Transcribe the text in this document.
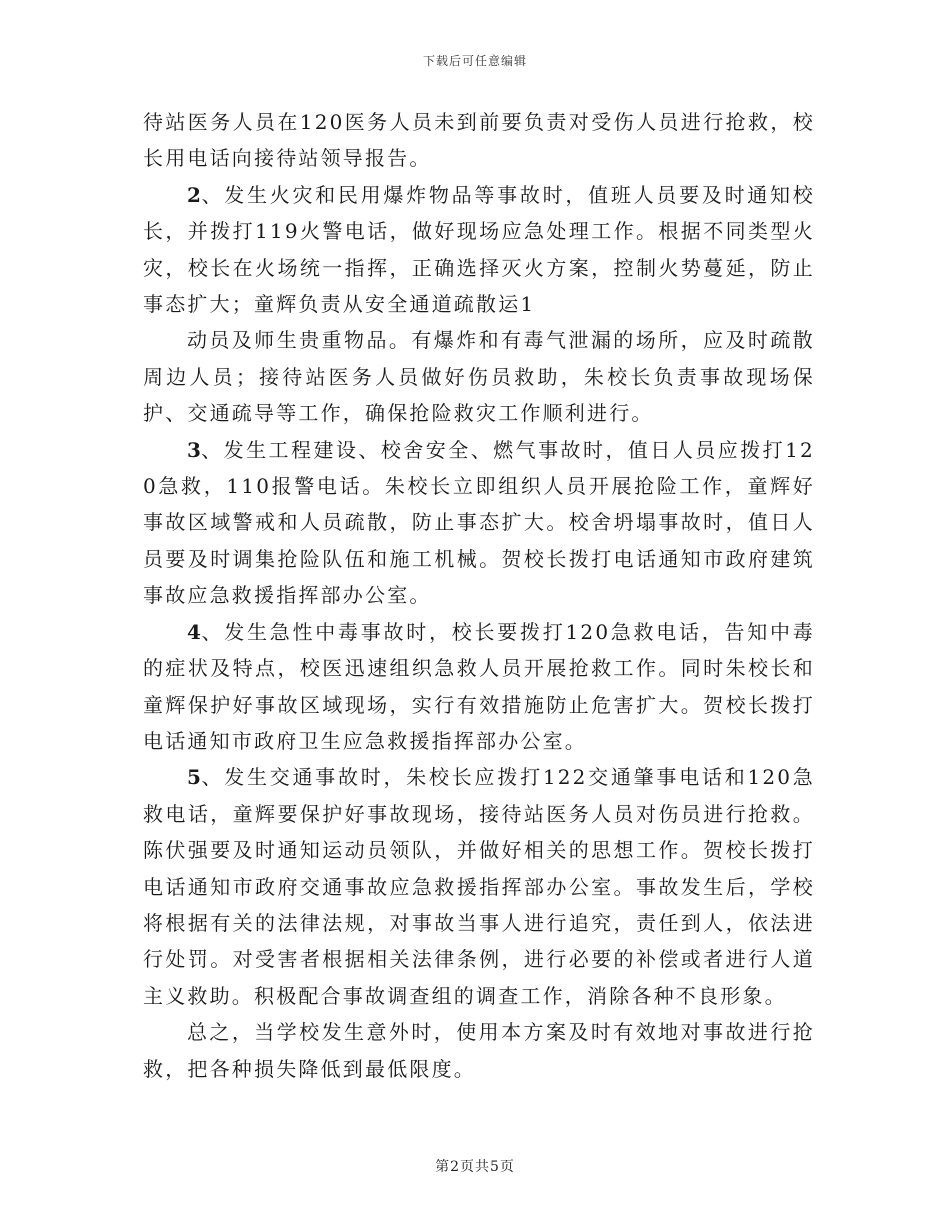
下载后可任意编辑

待站医务人员在120医务人员未到前要负责对受伤人员进行抢救，校长用电话向接待站领导报告。

2、发生火灾和民用爆炸物品等事故时，值班人员要及时通知校长，并拨打119火警电话，做好现场应急处理工作。根据不同类型火灾，校长在火场统一指挥，正确选择灭火方案，控制火势蔓延，防止事态扩大；童辉负责从安全通道疏散运1

动员及师生贵重物品。有爆炸和有毒气泄漏的场所，应及时疏散周边人员；接待站医务人员做好伤员救助，朱校长负责事故现场保护、交通疏导等工作，确保抢险救灾工作顺利进行。

3、发生工程建设、校舍安全、燃气事故时，值日人员应拨打120急救，110报警电话。朱校长立即组织人员开展抢险工作，童辉好事故区域警戒和人员疏散，防止事态扩大。校舍坍塌事故时，值日人员要及时调集抢险队伍和施工机械。贺校长拨打电话通知市政府建筑事故应急救援指挥部办公室。

4、发生急性中毒事故时，校长要拨打120急救电话，告知中毒的症状及特点，校医迅速组织急救人员开展抢救工作。同时朱校长和童辉保护好事故区域现场，实行有效措施防止危害扩大。贺校长拨打电话通知市政府卫生应急救援指挥部办公室。

5、发生交通事故时，朱校长应拨打122交通肇事电话和120急救电话，童辉要保护好事故现场，接待站医务人员对伤员进行抢救。陈伏强要及时通知运动员领队，并做好相关的思想工作。贺校长拨打电话通知市政府交通事故应急救援指挥部办公室。事故发生后，学校将根据有关的法律法规，对事故当事人进行追究，责任到人，依法进行处罚。对受害者根据相关法律条例，进行必要的补偿或者进行人道主义救助。积极配合事故调查组的调查工作，消除各种不良形象。

总之，当学校发生意外时，使用本方案及时有效地对事故进行抢救，把各种损失降低到最低限度。

第2页共5页
